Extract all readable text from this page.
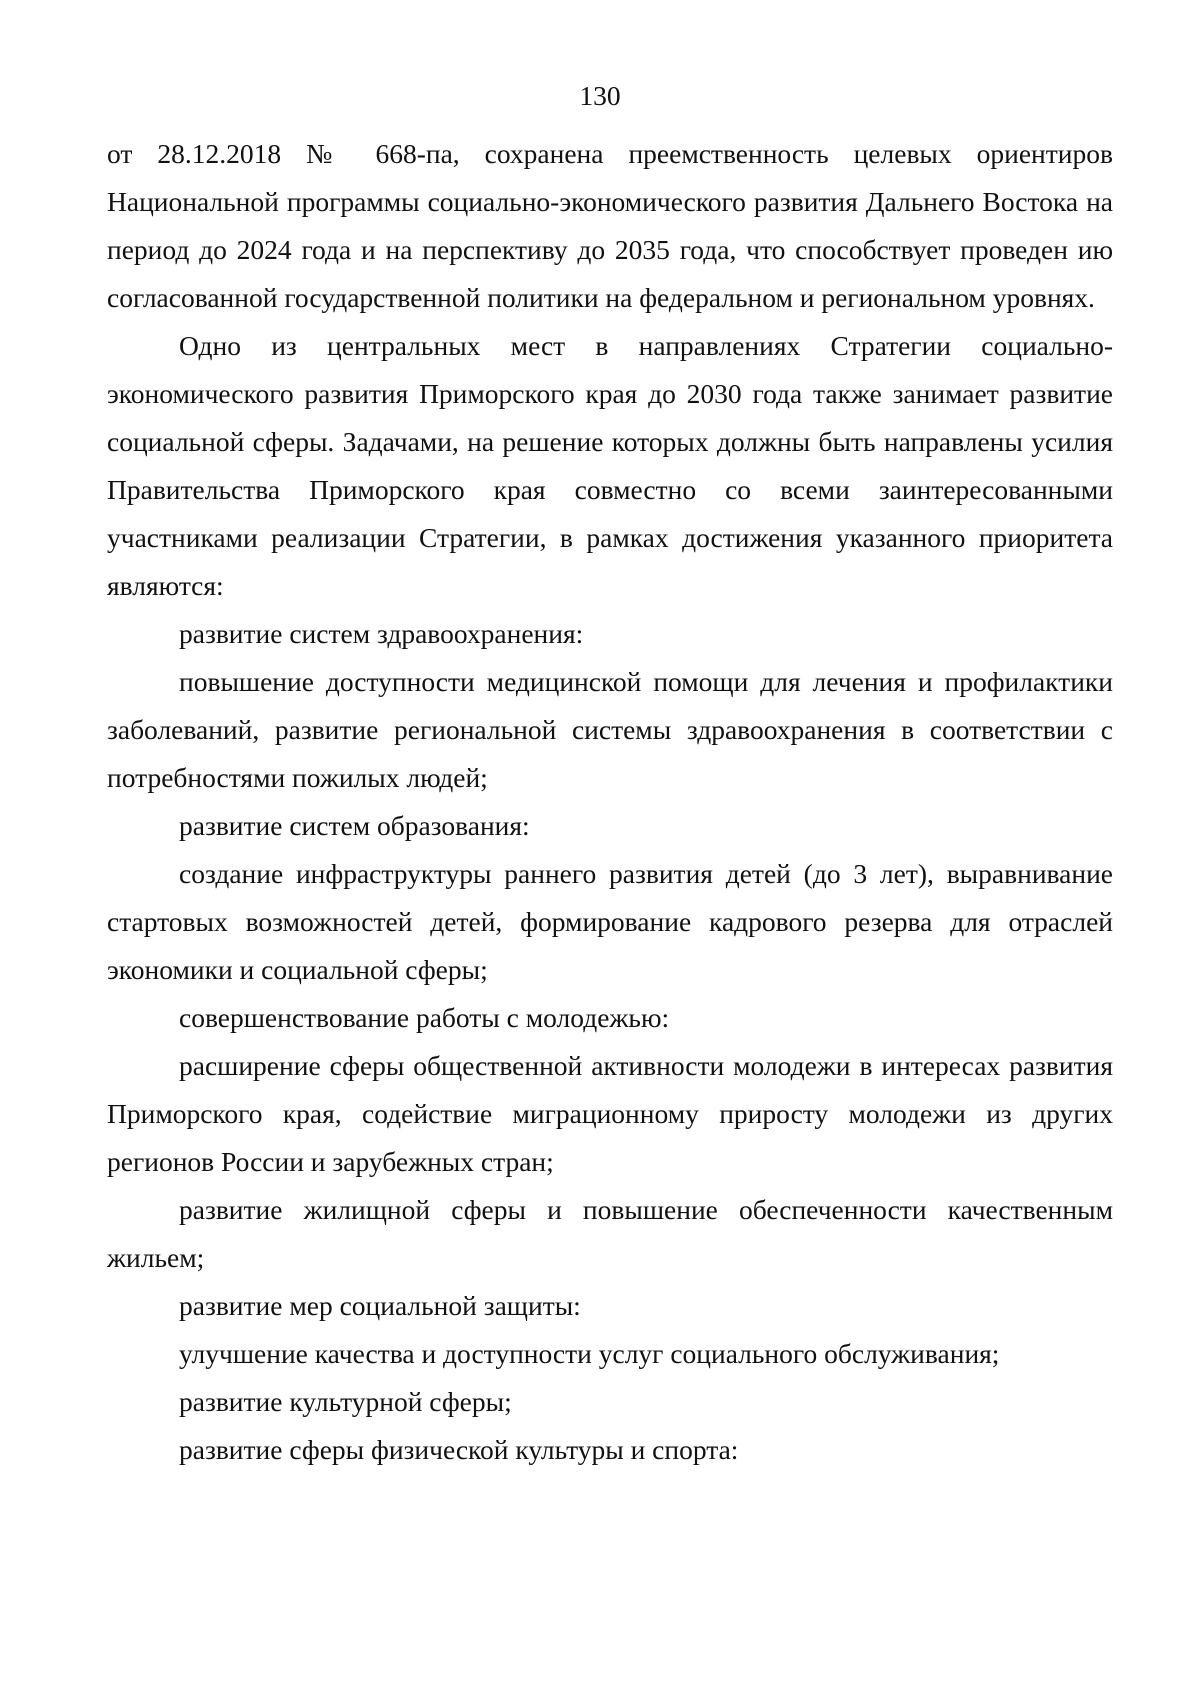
130

от 28.12.2018 № 668-па, сохранена преемственность целевых ориентиров Национальной программы социально-экономического развития Дальнего Востока на период до 2024 года и на перспективу до 2035 года, что способствует проведен ию согласованной государственной политики на федеральном и региональном уровнях.

Одно из центральных мест в направлениях Стратегии социально-экономического развития Приморского края до 2030 года также занимает развитие социальной сферы. Задачами, на решение которых должны быть направлены усилия Правительства Приморского края совместно со всеми заинтересованными участниками реализации Стратегии, в рамках достижения указанного приоритета являются:

развитие систем здравоохранения:

повышение доступности медицинской помощи для лечения и профилактики заболеваний, развитие региональной системы здравоохранения в соответствии с потребностями пожилых людей;

развитие систем образования:

создание инфраструктуры раннего развития детей (до 3 лет), выравнивание стартовых возможностей детей, формирование кадрового резерва для отраслей экономики и социальной сферы;

совершенствование работы с молодежью:

расширение сферы общественной активности молодежи в интересах развития Приморского края, содействие миграционному приросту молодежи из других регионов России и зарубежных стран;

развитие жилищной сферы и повышение обеспеченности качественным жильем;

развитие мер социальной защиты:

улучшение качества и доступности услуг социального обслуживания;

развитие культурной сферы;

развитие сферы физической культуры и спорта:
